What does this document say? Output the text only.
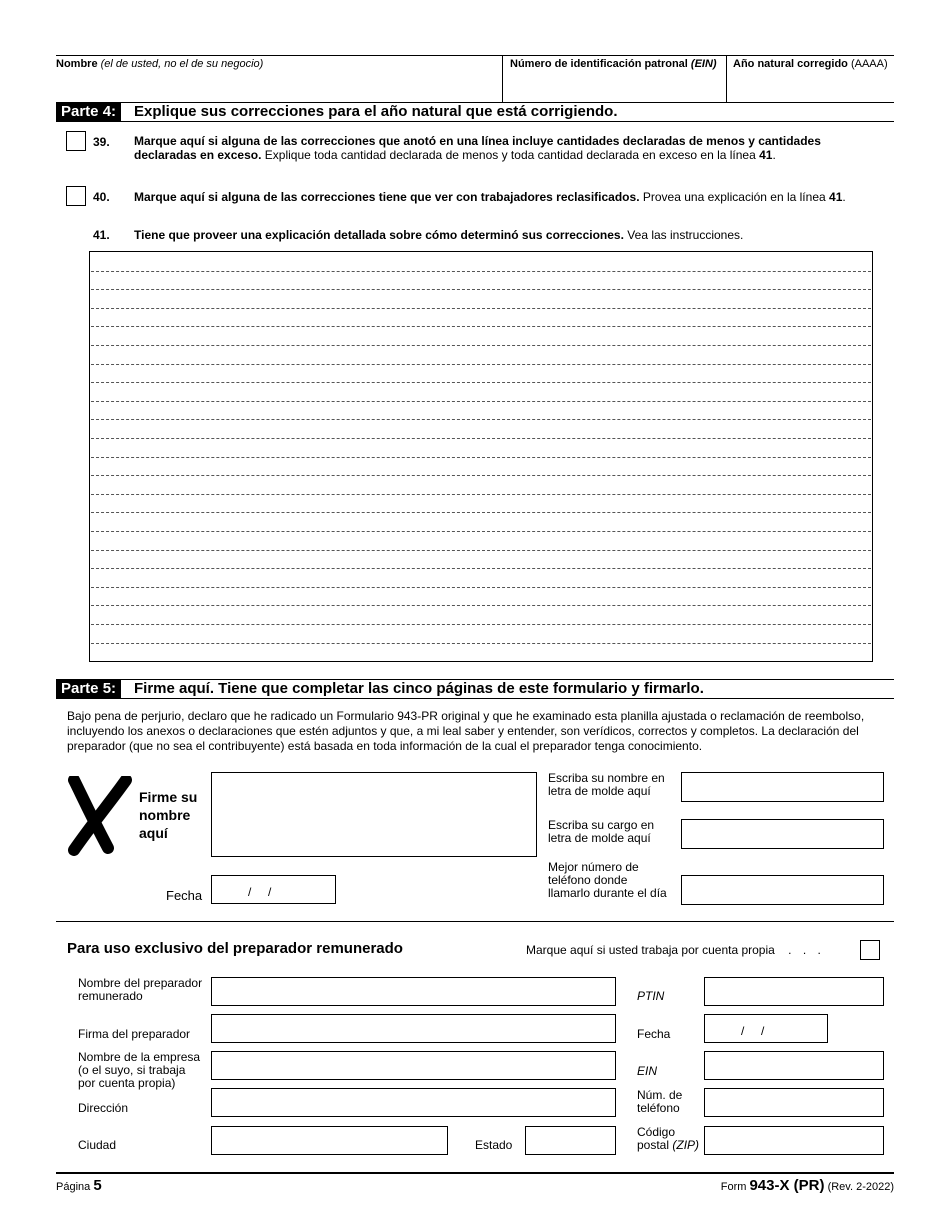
Nombre (el de usted, no el de su negocio)	Número de identificación patronal (EIN) Año natural corregido (AAAA)
Parte 4:	Explique sus correcciones para el año natural que está corrigiendo.
39. Marque aquí si alguna de las correcciones que anotó en una línea incluye cantidades declaradas de menos y cantidades declaradas en exceso. Explique toda cantidad declarada de menos y toda cantidad declarada en exceso en la línea 41.
40. Marque aquí si alguna de las correcciones tiene que ver con trabajadores reclasificados. Provea una explicación en la línea 41.
41. Tiene que proveer una explicación detallada sobre cómo determinó sus correcciones. Vea las instrucciones.
Parte 5:	Firme aquí. Tiene que completar las cinco páginas de este formulario y firmarlo.
Bajo pena de perjurio, declaro que he radicado un Formulario 943-PR original y que he examinado esta planilla ajustada o reclamación de reembolso, incluyendo los anexos o declaraciones que estén adjuntos y que, a mi leal saber y entender, son verídicos, correctos y completos. La declaración del preparador (que no sea el contribuyente) está basada en toda información de la cual el preparador tenga conocimiento.
Firme su
nombre
aquí
Fecha	/     /
Escriba su nombre en
letra de molde aquí
Escriba su cargo en
letra de molde aquí
Mejor número de
teléfono donde
llamarlo durante el día
Para uso exclusivo del preparador remunerado	Marque aquí si usted trabaja por cuenta propia . . .
Nombre del preparador
remunerado
Firma del preparador
Nombre de la empresa
(o el suyo, si trabaja
por cuenta propia)
Dirección
Ciudad	Estado
PTIN
Fecha	/     /
EIN
Núm. de
teléfono
Código
postal (ZIP)
Página 5	Form 943-X (PR) (Rev. 2-2022)
